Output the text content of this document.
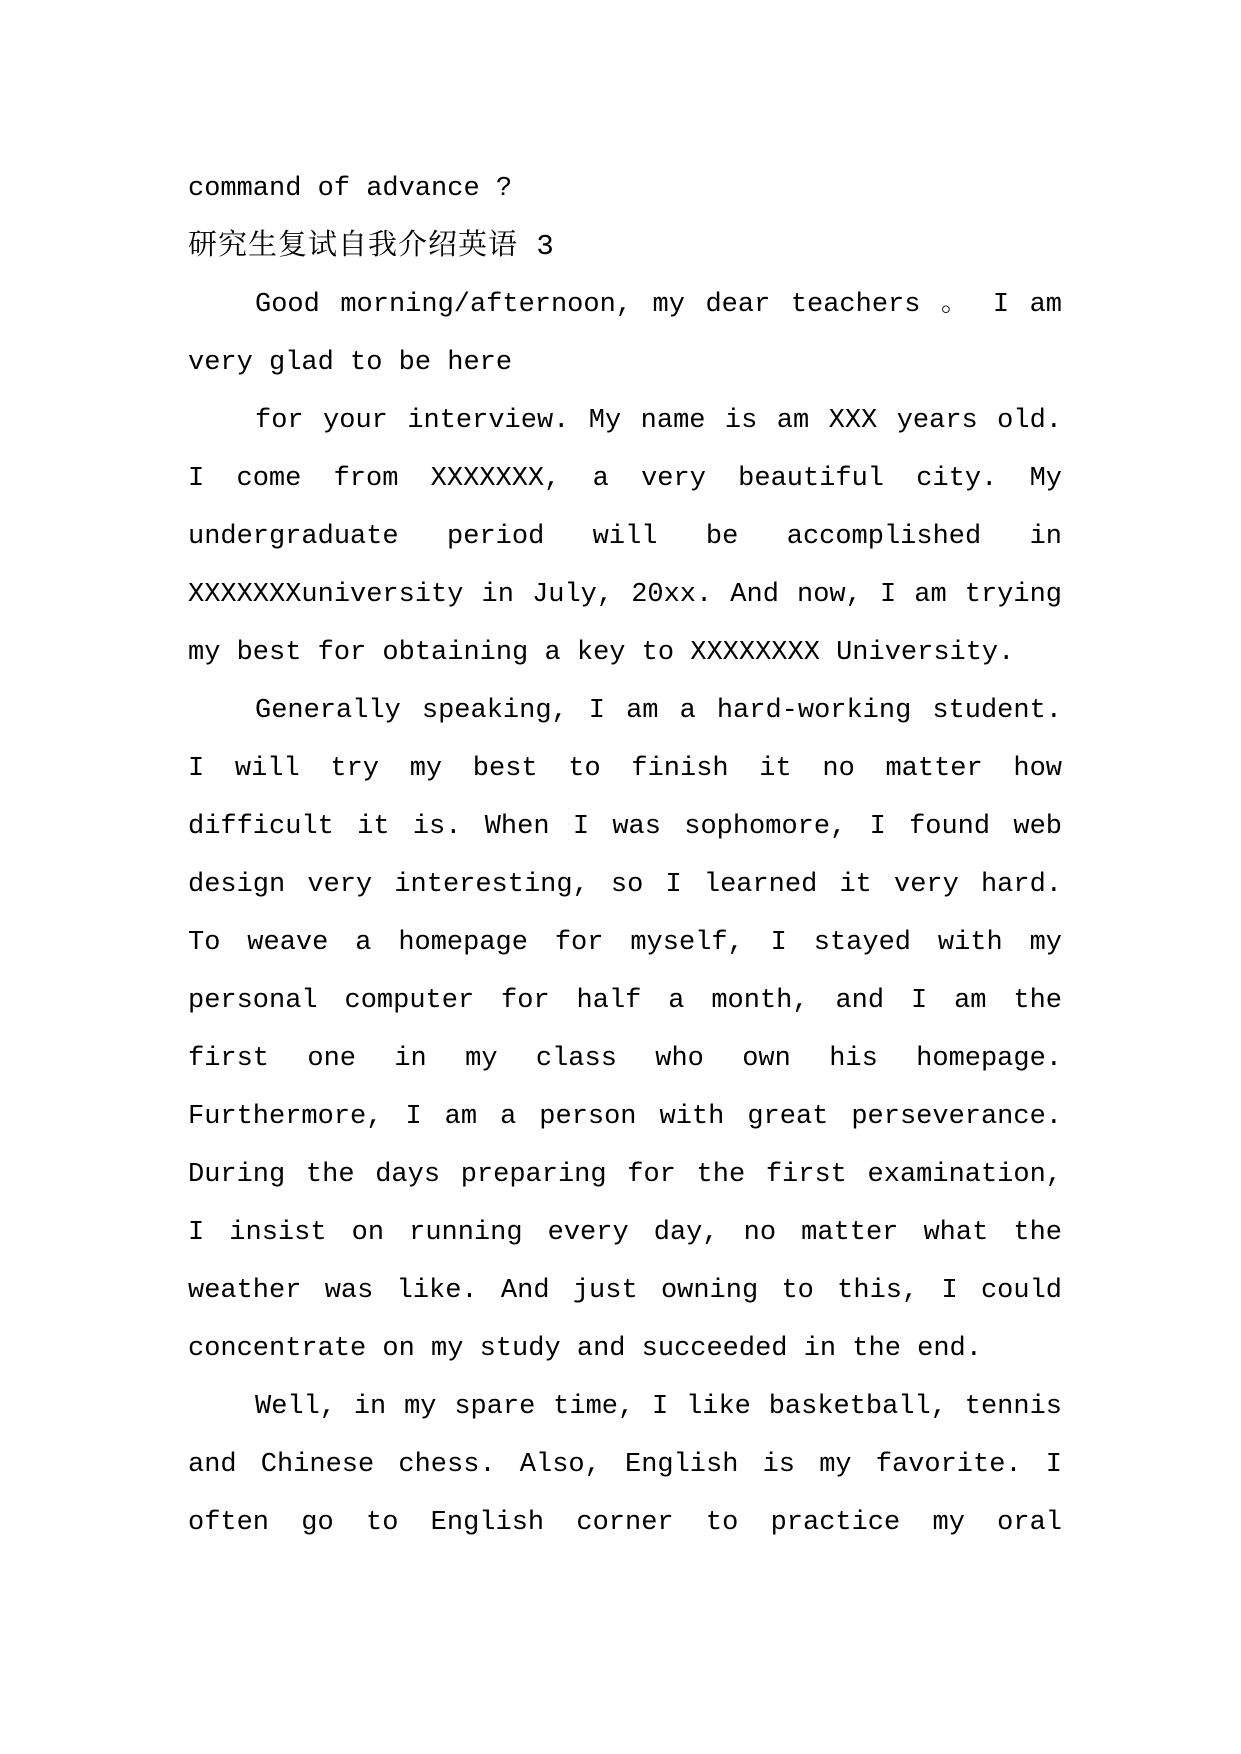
command of advance ?
研究生复试自我介绍英语 3
Good morning/afternoon, my dear teachers 。 I am
very glad to be here
for your interview. My name is am XXX years old.
I come from XXXXXXX, a very beautiful city. My
undergraduate period will be accomplished in
XXXXXXXuniversity in July, 20xx. And now, I am trying
my best for obtaining a key to XXXXXXXX University.
Generally speaking, I am a hard-working student.
I will try my best to finish it no matter how
difficult it is. When I was sophomore, I found web
design very interesting, so I learned it very hard.
To weave a homepage for myself, I stayed with my
personal computer for half a month, and I am the
first one in my class who own his homepage.
Furthermore, I am a person with great perseverance.
During the days preparing for the first examination,
I insist on running every day, no matter what the
weather was like. And just owning to this, I could
concentrate on my study and succeeded in the end.
Well, in my spare time, I like basketball, tennis
and Chinese chess. Also, English is my favorite. I
often go to English corner to practice my oral
